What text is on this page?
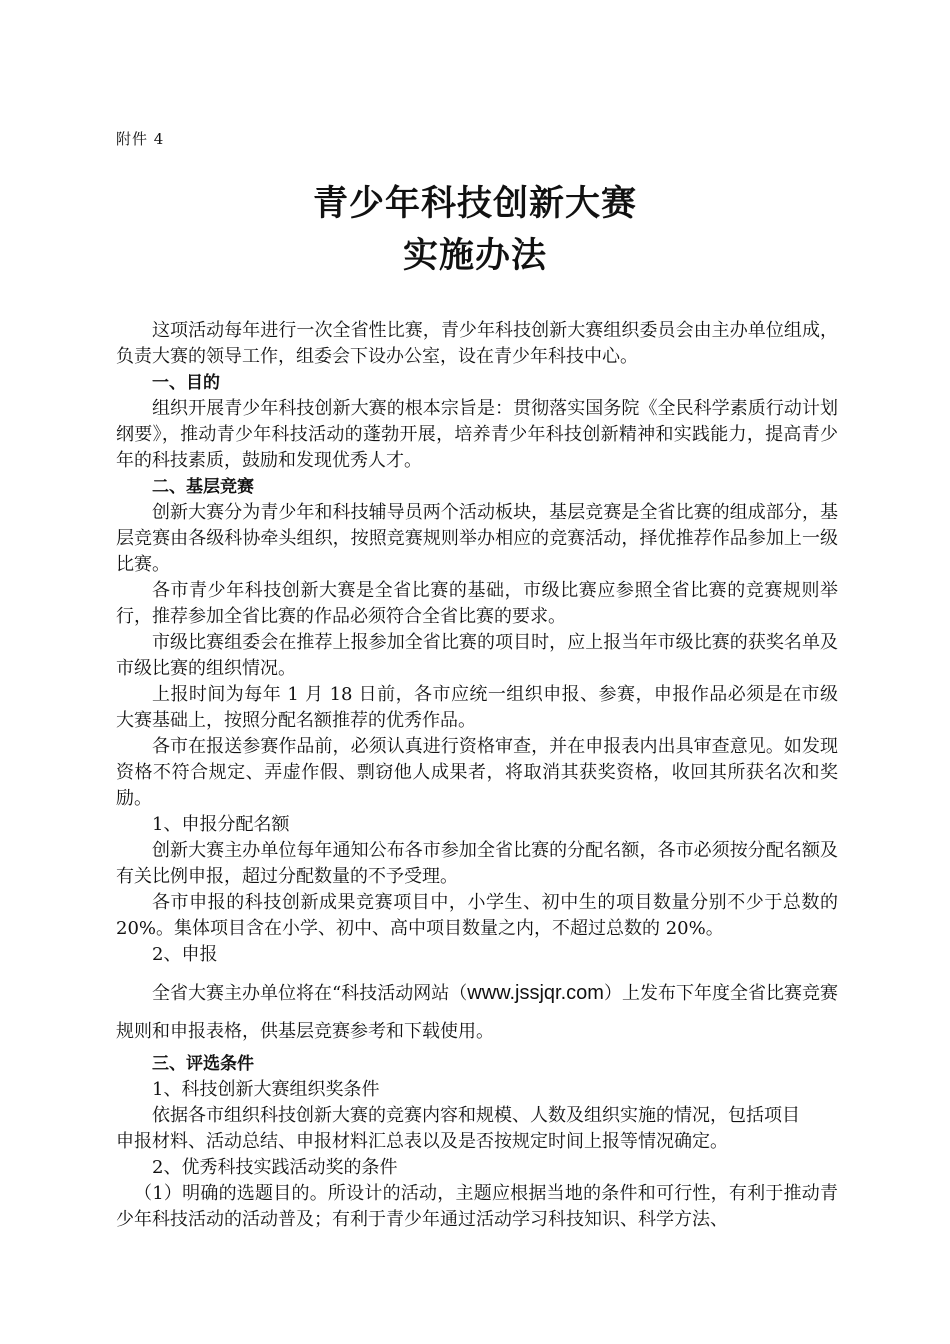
附件 4
青少年科技创新大赛
实施办法

这项活动每年进行一次全省性比赛，青少年科技创新大赛组织委员会由主办单位组成，负责大赛的领导工作，组委会下设办公室，设在青少年科技中心。

一、目的

组织开展青少年科技创新大赛的根本宗旨是：贯彻落实国务院《全民科学素质行动计划纲要》，推动青少年科技活动的蓬勃开展，培养青少年科技创新精神和实践能力，提高青少年的科技素质，鼓励和发现优秀人才。

二、基层竞赛

创新大赛分为青少年和科技辅导员两个活动板块，基层竞赛是全省比赛的组成部分，基层竞赛由各级科协牵头组织，按照竞赛规则举办相应的竞赛活动，择优推荐作品参加上一级比赛。

各市青少年科技创新大赛是全省比赛的基础，市级比赛应参照全省比赛的竞赛规则举行，推荐参加全省比赛的作品必须符合全省比赛的要求。

市级比赛组委会在推荐上报参加全省比赛的项目时，应上报当年市级比赛的获奖名单及市级比赛的组织情况。

上报时间为每年 1 月 18 日前，各市应统一组织申报、参赛，申报作品必须是在市级大赛基础上，按照分配名额推荐的优秀作品。

各市在报送参赛作品前，必须认真进行资格审查，并在申报表内出具审查意见。如发现资格不符合规定、弄虚作假、剽窃他人成果者，将取消其获奖资格，收回其所获名次和奖励。

1、申报分配名额

创新大赛主办单位每年通知公布各市参加全省比赛的分配名额，各市必须按分配名额及有关比例申报，超过分配数量的不予受理。

各市申报的科技创新成果竞赛项目中，小学生、初中生的项目数量分别不少于总数的 20%。集体项目含在小学、初中、高中项目数量之内，不超过总数的 20%。

2、申报

全省大赛主办单位将在“科技活动网站（www.jssjqr.com）上发布下年度全省比赛竞赛规则和申报表格，供基层竞赛参考和下载使用。

三、评选条件

1、科技创新大赛组织奖条件

依据各市组织科技创新大赛的竞赛内容和规模、人数及组织实施的情况，包括项目

申报材料、活动总结、申报材料汇总表以及是否按规定时间上报等情况确定。

2、优秀科技实践活动奖的条件

（1）明确的选题目的。所设计的活动，主题应根据当地的条件和可行性，有利于推动青少年科技活动的活动普及；有利于青少年通过活动学习科技知识、科学方法、
